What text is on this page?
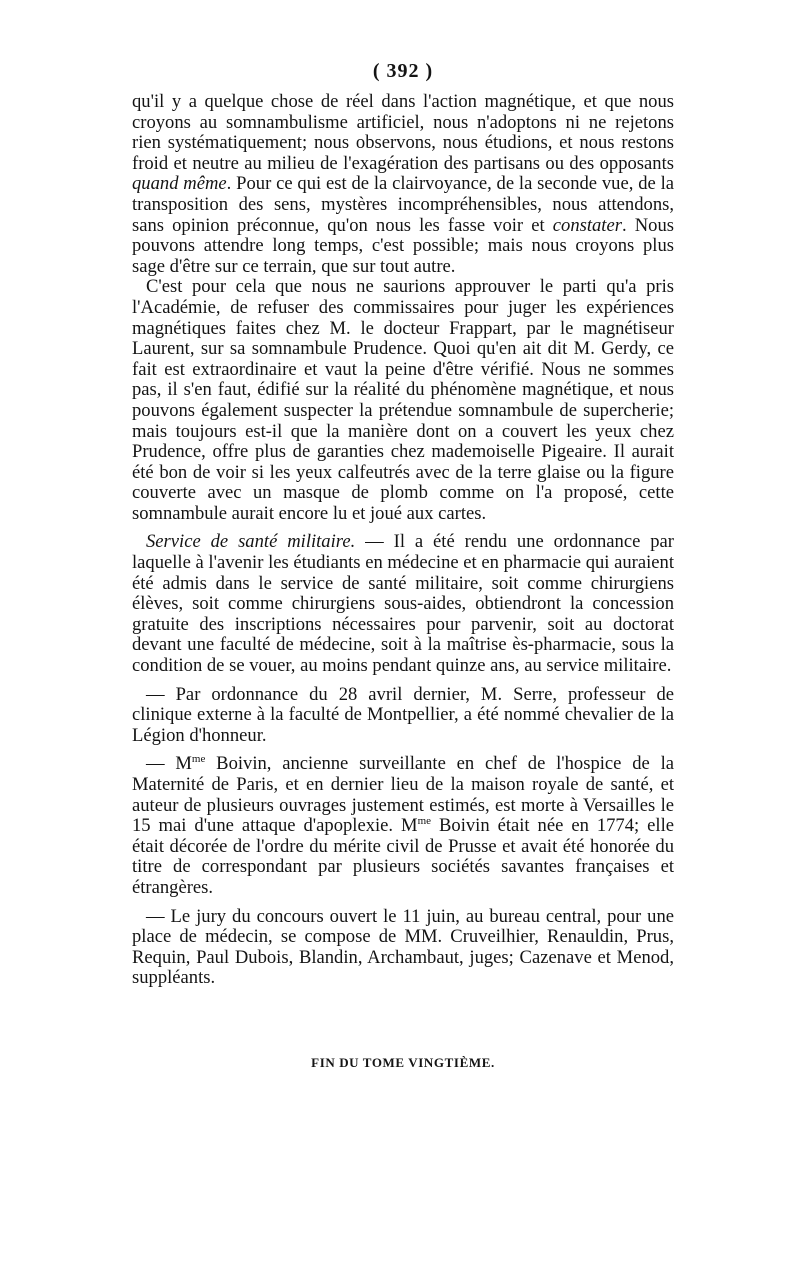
( 392 )

qu'il y a quelque chose de réel dans l'action magnétique, et que nous croyons au somnambulisme artificiel, nous n'adoptons ni ne rejetons rien systématiquement; nous observons, nous étudions, et nous restons froid et neutre au milieu de l'exagération des partisans ou des opposants quand même. Pour ce qui est de la clairvoyance, de la seconde vue, de la transposition des sens, mystères incompréhensibles, nous attendons, sans opinion préconnue, qu'on nous les fasse voir et constater. Nous pouvons attendre long temps, c'est possible; mais nous croyons plus sage d'être sur ce terrain, que sur tout autre.

C'est pour cela que nous ne saurions approuver le parti qu'a pris l'Académie, de refuser des commissaires pour juger les expériences magnétiques faites chez M. le docteur Frappart, par le magnétiseur Laurent, sur sa somnambule Prudence. Quoi qu'en ait dit M. Gerdy, ce fait est extraordinaire et vaut la peine d'être vérifié. Nous ne sommes pas, il s'en faut, édifié sur la réalité du phénomène magnétique, et nous pouvons également suspecter la prétendue somnambule de supercherie; mais toujours est-il que la manière dont on a couvert les yeux chez Prudence, offre plus de garanties chez mademoiselle Pigeaire. Il aurait été bon de voir si les yeux calfeutrés avec de la terre glaise ou la figure couverte avec un masque de plomb comme on l'a proposé, cette somnambule aurait encore lu et joué aux cartes.

Service de santé militaire. — Il a été rendu une ordonnance par laquelle à l'avenir les étudiants en médecine et en pharmacie qui auraient été admis dans le service de santé militaire, soit comme chirurgiens élèves, soit comme chirurgiens sous-aides, obtiendront la concession gratuite des inscriptions nécessaires pour parvenir, soit au doctorat devant une faculté de médecine, soit à la maîtrise ès-pharmacie, sous la condition de se vouer, au moins pendant quinze ans, au service militaire.

— Par ordonnance du 28 avril dernier, M. Serre, professeur de clinique externe à la faculté de Montpellier, a été nommé chevalier de la Légion d'honneur.

— $M^{me}$ Boivin, ancienne surveillante en chef de l'hospice de la Maternité de Paris, et en dernier lieu de la maison royale de santé, et auteur de plusieurs ouvrages justement estimés, est morte à Versailles le 15 mai d'une attaque d'apoplexie. $M^{me}$ Boivin était née en 1774; elle était décorée de l'ordre du mérite civil de Prusse et avait été honorée du titre de correspondant par plusieurs sociétés savantes françaises et étrangères.

— Le jury du concours ouvert le 11 juin, au bureau central, pour une place de médecin, se compose de MM. Cruveilhier, Renauldin, Prus, Requin, Paul Dubois, Blandin, Archambaut, juges; Cazenave et Menod, suppléants.

FIN DU TOME VINGTIÈME.
